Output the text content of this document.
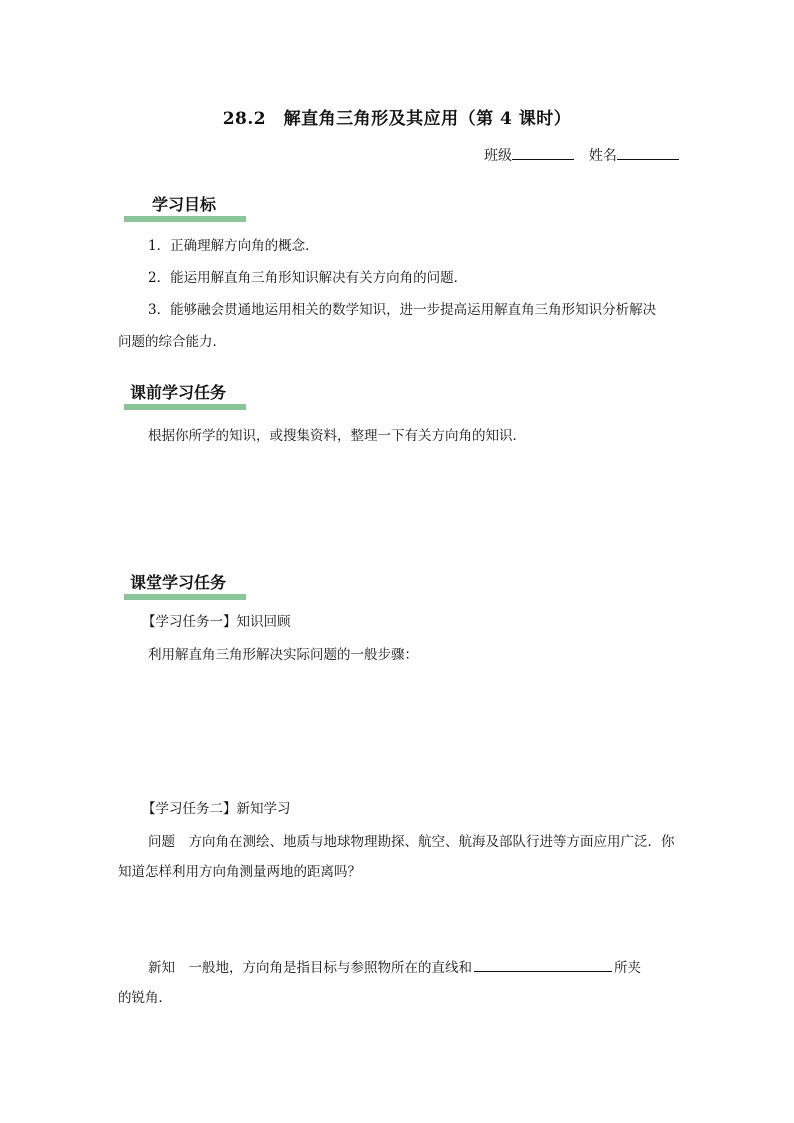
28.2　解直角三角形及其应用（第 4 课时）
班级	姓名
学习目标
1．正确理解方向角的概念．
2．能运用解直角三角形知识解决有关方向角的问题．
3．能够融会贯通地运用相关的数学知识，进一步提高运用解直角三角形知识分析解决
问题的综合能力．
课前学习任务
根据你所学的知识，或搜集资料，整理一下有关方向角的知识．
课堂学习任务
【学习任务一】知识回顾
利用解直角三角形解决实际问题的一般步骤：
【学习任务二】新知学习
问题　方向角在测绘、地质与地球物理勘探、航空、航海及部队行进等方面应用广泛．你
知道怎样利用方向角测量两地的距离吗？
新知　一般地，方向角是指目标与参照物所在的直线和	所夹
的锐角．
